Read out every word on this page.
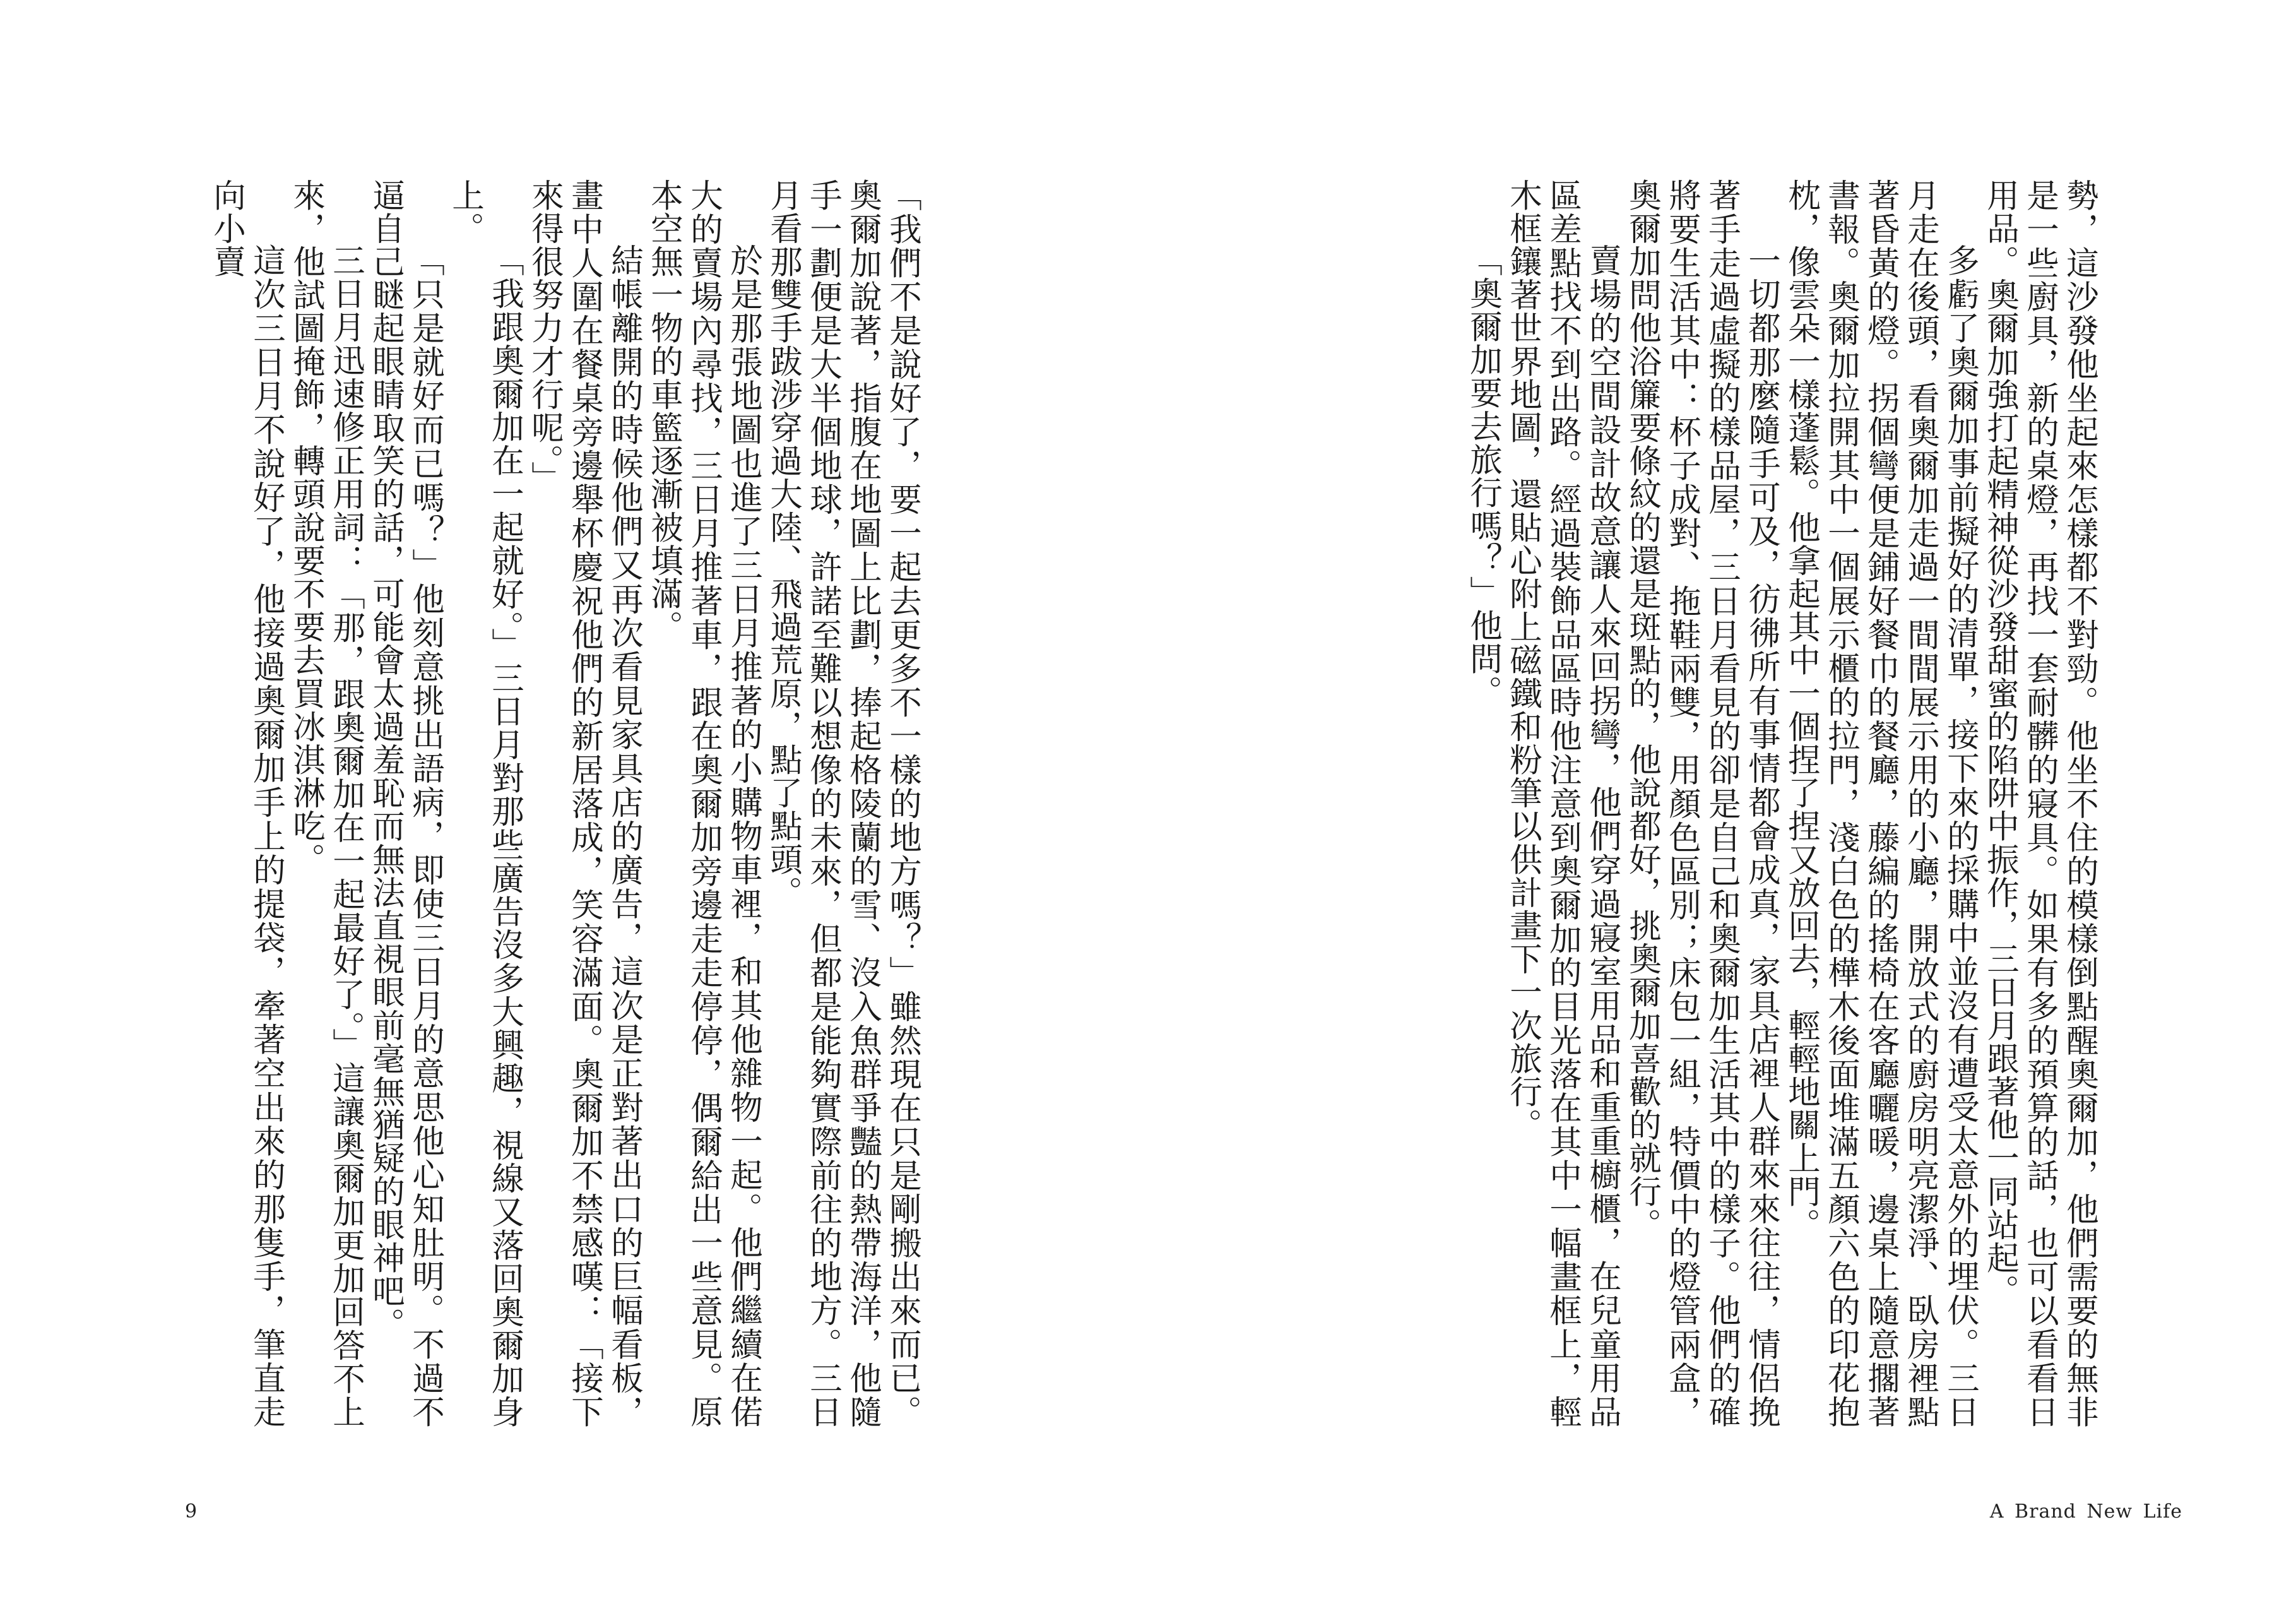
「我們不是說好了，要一起去更多不一樣的地方嗎？」雖然現在只是剛搬出來而已。奧爾加說著，指腹在地圖上比劃，捧起格陵蘭的雪、沒入魚群爭豔的熱帶海洋，他隨手一劃便是大半個地球，許諾至難以想像的未來，但都是能夠實際前往的地方。三日月看那雙手跋涉穿過大陸、飛過荒原，點了點頭。

於是那張地圖也進了三日月推著的小購物車裡，和其他雜物一起。他們繼續在偌大的賣場內尋找，三日月推著車，跟在奧爾加旁邊走走停停，偶爾給出一些意見。原本空無一物的車籃逐漸被填滿。

結帳離開的時候他們又再次看見家具店的廣告，這次是正對著出口的巨幅看板，畫中人圍在餐桌旁邊舉杯慶祝他們的新居落成，笑容滿面。奧爾加不禁感嘆：「接下來得很努力才行呢。」

「我跟奧爾加在一起就好。」三日月對那些廣告沒多大興趣，視線又落回奧爾加身上。

「只是就好而已嗎？」他刻意挑出語病，即使三日月的意思他心知肚明。不過不逼自己瞇起眼睛取笑的話，可能會太過羞恥而無法直視眼前毫無猶疑的眼神吧。

三日月迅速修正用詞：「那，跟奧爾加在一起最好了。」這讓奧爾加更加回答不上來，他試圖掩飾，轉頭說要不要去買冰淇淋吃。

這次三日月不說好了，他接過奧爾加手上的提袋，牽著空出來的那隻手，筆直走向小賣

9

勢，這沙發他坐起來怎樣都不對勁。他坐不住的模樣倒點醒奧爾加，他們需要的無非是一些廚具，新的桌燈，再找一套耐髒的寢具。如果有多的預算的話，也可以看看日用品。奧爾加強打起精神從沙發甜蜜的陷阱中振作，三日月跟著他一同站起。

多虧了奧爾加事前擬好的清單，接下來的採購中並沒有遭受太意外的埋伏。三日月走在後頭，看奧爾加走過一間間展示用的小廳，開放式的廚房明亮潔淨、臥房裡點著昏黃的燈。拐個彎便是鋪好餐巾的餐廳，藤編的搖椅在客廳曬暖，邊桌上隨意擱著書報。奧爾加拉開其中一個展示櫃的拉門，淺白色的樺木後面堆滿五顏六色的印花抱枕，像雲朵一樣蓬鬆。他拿起其中一個捏了捏又放回去，輕輕地關上門。

一切都那麼隨手可及，彷彿所有事情都會成真，家具店裡人群來來往往，情侶挽著手走過虛擬的樣品屋，三日月看見的卻是自己和奧爾加生活其中的樣子。他們的確將要生活其中：杯子成對、拖鞋兩雙，用顏色區別；床包一組，特價中的燈管兩盒，奧爾加問他浴簾要條紋的還是斑點的，他說都好，挑奧爾加喜歡的就行。

賣場的空間設計故意讓人來回拐彎，他們穿過寢室用品和重重櫥櫃，在兒童用品區差點找不到出路。經過裝飾品區時他注意到奧爾加的目光落在其中一幅畫框上，輕木框鑲著世界地圖，還貼心附上磁鐵和粉筆以供計畫下一次旅行。

「奧爾加要去旅行嗎？」他問。

A Brand New Life
